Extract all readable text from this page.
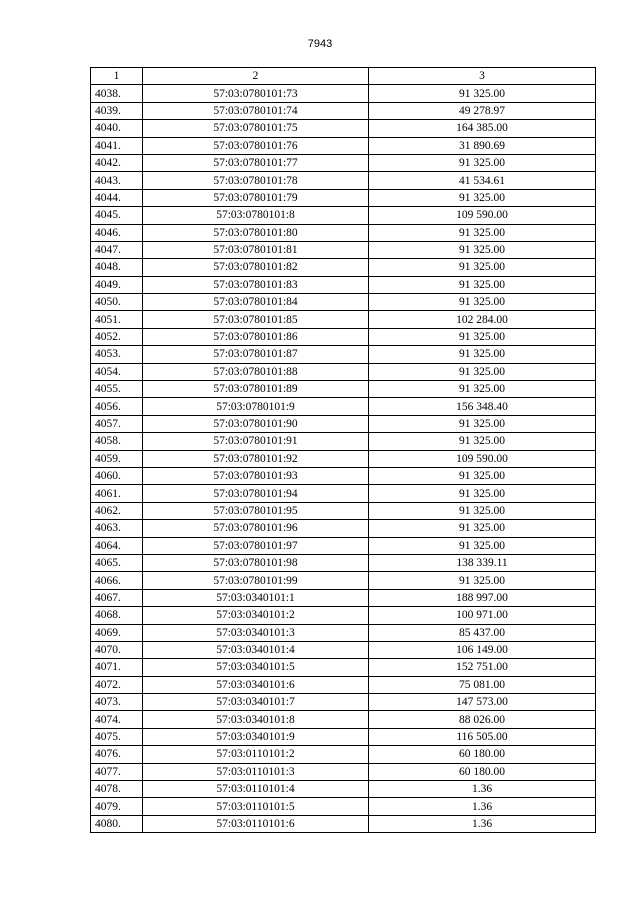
7943
1	2	3
4038.	57:03:0780101:73	91 325.00
4039.	57:03:0780101:74	49 278.97
4040.	57:03:0780101:75	164 385.00
4041.	57:03:0780101:76	31 890.69
4042.	57:03:0780101:77	91 325.00
4043.	57:03:0780101:78	41 534.61
4044.	57:03:0780101:79	91 325.00
4045.	57:03:0780101:8	109 590.00
4046.	57:03:0780101:80	91 325.00
4047.	57:03:0780101:81	91 325.00
4048.	57:03:0780101:82	91 325.00
4049.	57:03:0780101:83	91 325.00
4050.	57:03:0780101:84	91 325.00
4051.	57:03:0780101:85	102 284.00
4052.	57:03:0780101:86	91 325.00
4053.	57:03:0780101:87	91 325.00
4054.	57:03:0780101:88	91 325.00
4055.	57:03:0780101:89	91 325.00
4056.	57:03:0780101:9	156 348.40
4057.	57:03:0780101:90	91 325.00
4058.	57:03:0780101:91	91 325.00
4059.	57:03:0780101:92	109 590.00
4060.	57:03:0780101:93	91 325.00
4061.	57:03:0780101:94	91 325.00
4062.	57:03:0780101:95	91 325.00
4063.	57:03:0780101:96	91 325.00
4064.	57:03:0780101:97	91 325.00
4065.	57:03:0780101:98	138 339.11
4066.	57:03:0780101:99	91 325.00
4067.	57:03:0340101:1	188 997.00
4068.	57:03:0340101:2	100 971.00
4069.	57:03:0340101:3	85 437.00
4070.	57:03:0340101:4	106 149.00
4071.	57:03:0340101:5	152 751.00
4072.	57:03:0340101:6	75 081.00
4073.	57:03:0340101:7	147 573.00
4074.	57:03:0340101:8	88 026.00
4075.	57:03:0340101:9	116 505.00
4076.	57:03:0110101:2	60 180.00
4077.	57:03:0110101:3	60 180.00
4078.	57:03:0110101:4	1.36
4079.	57:03:0110101:5	1.36
4080.	57:03:0110101:6	1.36
